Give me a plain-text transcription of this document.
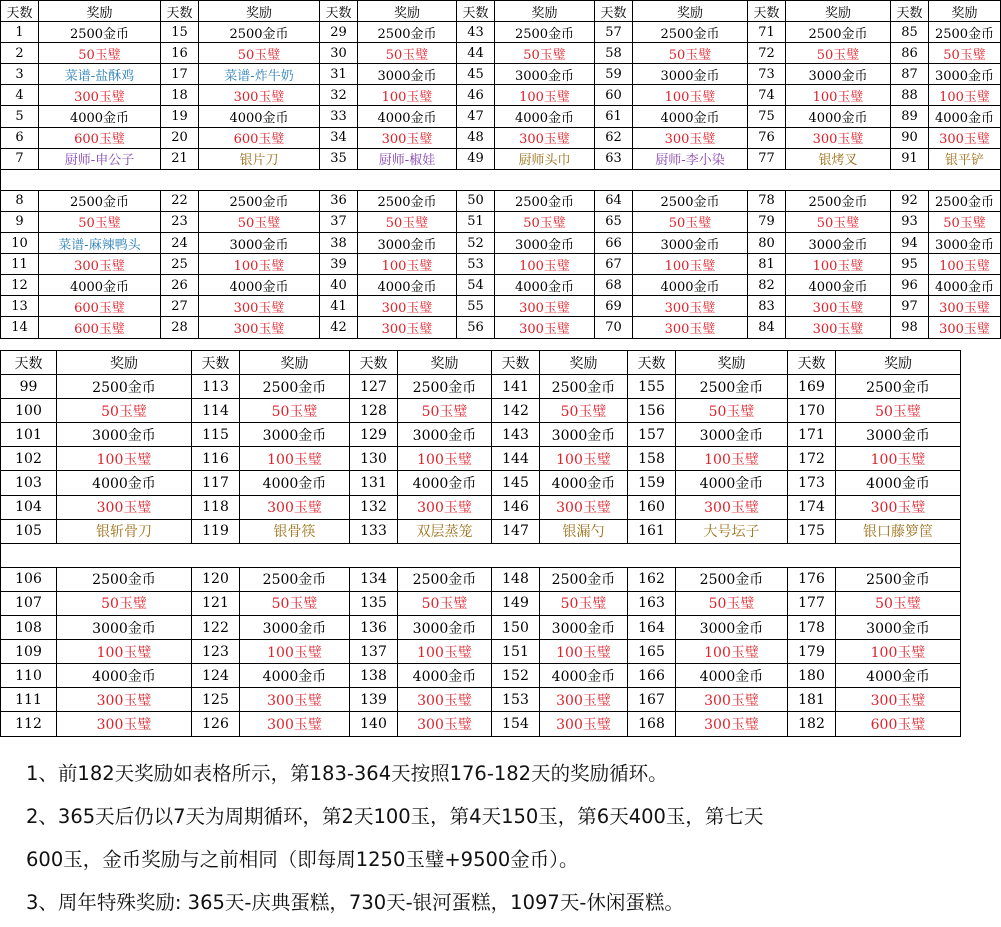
天数	奖励	天数	奖励	天数	奖励	天数	奖励	天数	奖励	天数	奖励	天数	奖励
1	2500金币	15	2500金币	29	2500金币	43	2500金币	57	2500金币	71	2500金币	85	2500金币
2	50玉璧	16	50玉璧	30	50玉璧	44	50玉璧	58	50玉璧	72	50玉璧	86	50玉璧
3	菜谱-盐酥鸡	17	菜谱-炸牛奶	31	3000金币	45	3000金币	59	3000金币	73	3000金币	87	3000金币
4	300玉璧	18	300玉璧	32	100玉璧	46	100玉璧	60	100玉璧	74	100玉璧	88	100玉璧
5	4000金币	19	4000金币	33	4000金币	47	4000金币	61	4000金币	75	4000金币	89	4000金币
6	600玉璧	20	600玉璧	34	300玉璧	48	300玉璧	62	300玉璧	76	300玉璧	90	300玉璧
7	厨师-申公子	21	银片刀	35	厨师-椒娃	49	厨师头巾	63	厨师-李小染	77	银烤叉	91	银平铲

8	2500金币	22	2500金币	36	2500金币	50	2500金币	64	2500金币	78	2500金币	92	2500金币
9	50玉璧	23	50玉璧	37	50玉璧	51	50玉璧	65	50玉璧	79	50玉璧	93	50玉璧
10	菜谱-麻辣鸭头	24	3000金币	38	3000金币	52	3000金币	66	3000金币	80	3000金币	94	3000金币
11	300玉璧	25	100玉璧	39	100玉璧	53	100玉璧	67	100玉璧	81	100玉璧	95	100玉璧
12	4000金币	26	4000金币	40	4000金币	54	4000金币	68	4000金币	82	4000金币	96	4000金币
13	600玉璧	27	300玉璧	41	300玉璧	55	300玉璧	69	300玉璧	83	300玉璧	97	300玉璧
14	600玉璧	28	300玉璧	42	300玉璧	56	300玉璧	70	300玉璧	84	300玉璧	98	300玉璧
天数	奖励	天数	奖励	天数	奖励	天数	奖励	天数	奖励	天数	奖励
99	2500金币	113	2500金币	127	2500金币	141	2500金币	155	2500金币	169	2500金币
100	50玉璧	114	50玉璧	128	50玉璧	142	50玉璧	156	50玉璧	170	50玉璧
101	3000金币	115	3000金币	129	3000金币	143	3000金币	157	3000金币	171	3000金币
102	100玉璧	116	100玉璧	130	100玉璧	144	100玉璧	158	100玉璧	172	100玉璧
103	4000金币	117	4000金币	131	4000金币	145	4000金币	159	4000金币	173	4000金币
104	300玉璧	118	300玉璧	132	300玉璧	146	300玉璧	160	300玉璧	174	300玉璧
105	银斩骨刀	119	银骨筷	133	双层蒸笼	147	银漏勺	161	大号坛子	175	银口藤箩筐

106	2500金币	120	2500金币	134	2500金币	148	2500金币	162	2500金币	176	2500金币
107	50玉璧	121	50玉璧	135	50玉璧	149	50玉璧	163	50玉璧	177	50玉璧
108	3000金币	122	3000金币	136	3000金币	150	3000金币	164	3000金币	178	3000金币
109	100玉璧	123	100玉璧	137	100玉璧	151	100玉璧	165	100玉璧	179	100玉璧
110	4000金币	124	4000金币	138	4000金币	152	4000金币	166	4000金币	180	4000金币
111	300玉璧	125	300玉璧	139	300玉璧	153	300玉璧	167	300玉璧	181	300玉璧
112	300玉璧	126	300玉璧	140	300玉璧	154	300玉璧	168	300玉璧	182	600玉璧

1、前182天奖励如表格所示，第183-364天按照176-182天的奖励循环。

2、365天后仍以7天为周期循环，第2天100玉，第4天150玉，第6天400玉，第七天

600玉，金币奖励与之前相同（即每周1250玉璧+9500金币）。

3、周年特殊奖励: 365天-庆典蛋糕，730天-银河蛋糕，1097天-休闲蛋糕。
